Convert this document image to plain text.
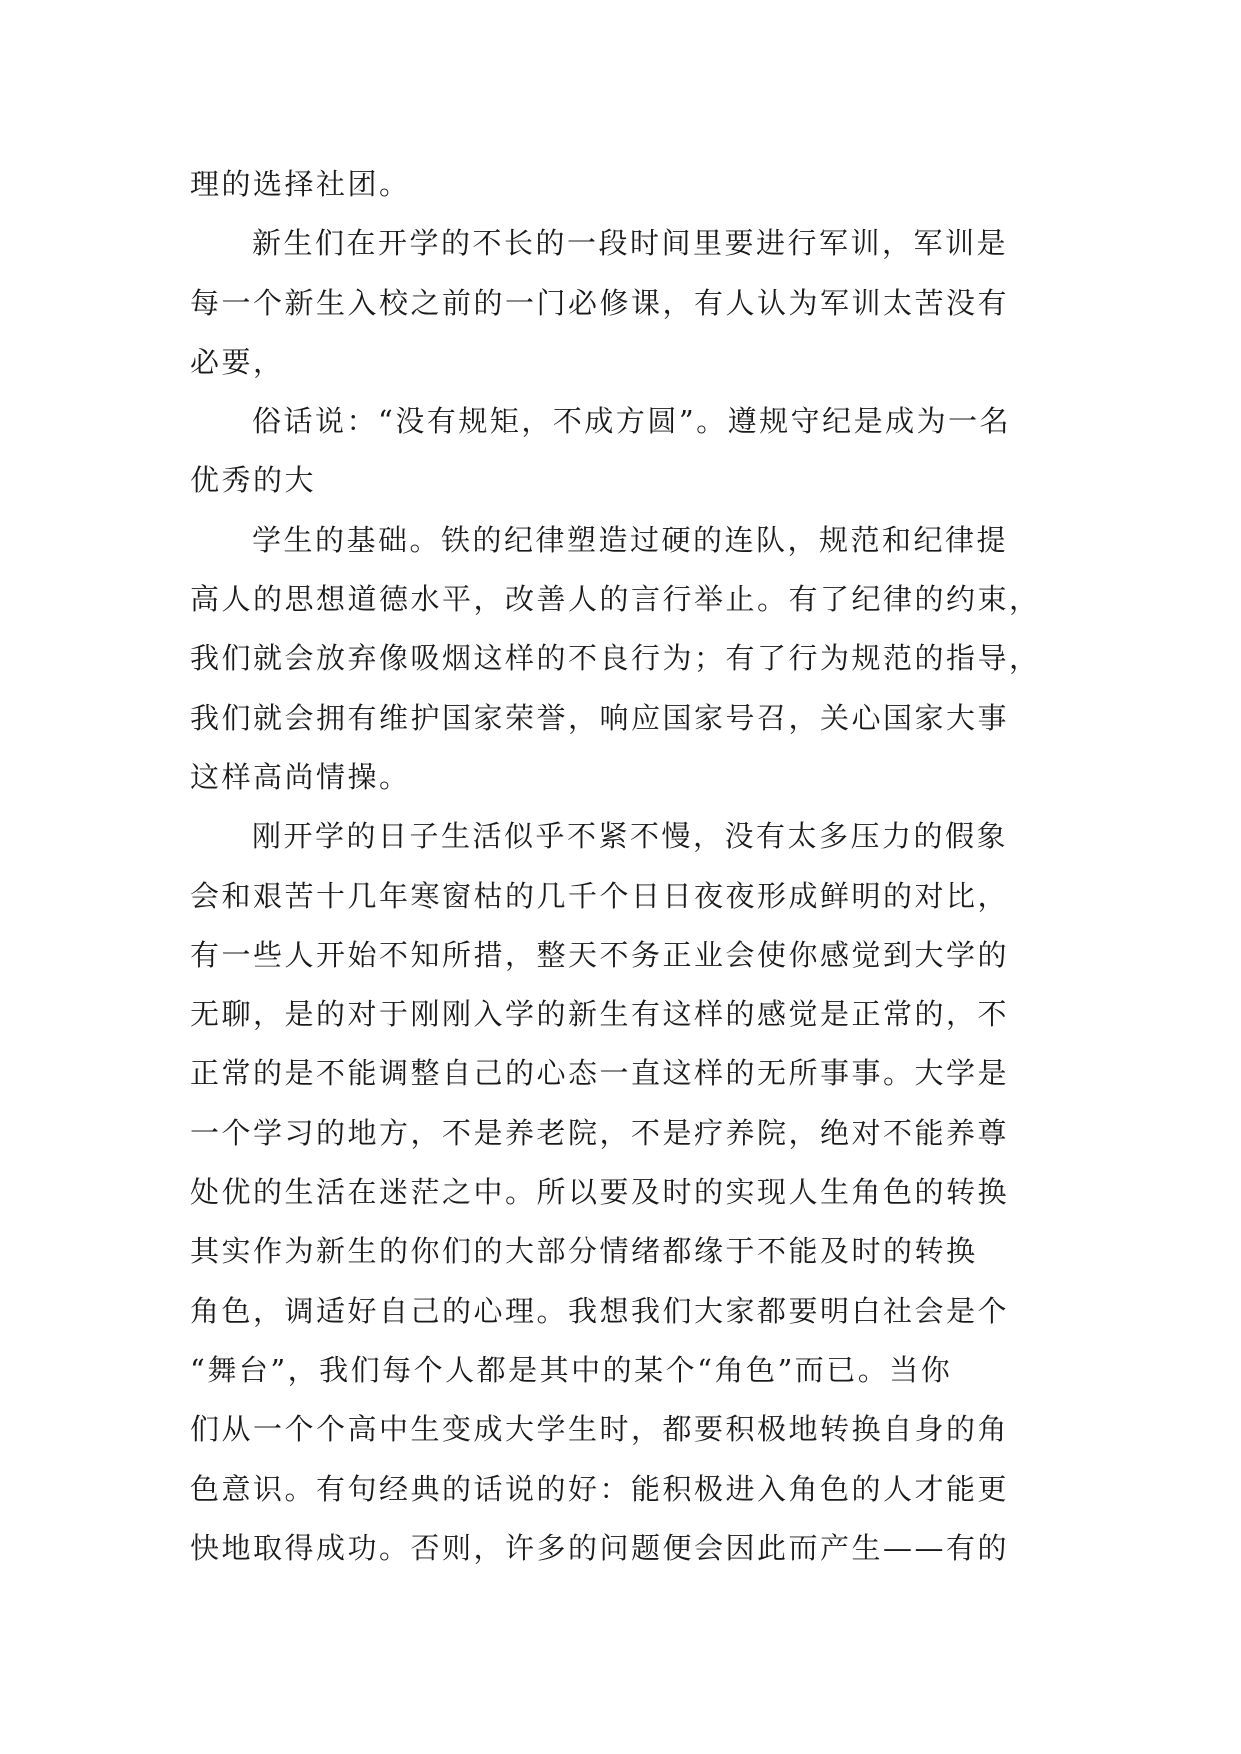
理的选择社团。
新生们在开学的不长的一段时间里要进行军训，军训是
每一个新生入校之前的一门必修课，有人认为军训太苦没有
必要，
俗话说：“没有规矩，不成方圆”。遵规守纪是成为一名
优秀的大
学生的基础。铁的纪律塑造过硬的连队，规范和纪律提
高人的思想道德水平，改善人的言行举止。有了纪律的约束，
我们就会放弃像吸烟这样的不良行为；有了行为规范的指导，
我们就会拥有维护国家荣誉，响应国家号召，关心国家大事
这样高尚情操。
刚开学的日子生活似乎不紧不慢，没有太多压力的假象
会和艰苦十几年寒窗枯的几千个日日夜夜形成鲜明的对比，
有一些人开始不知所措，整天不务正业会使你感觉到大学的
无聊，是的对于刚刚入学的新生有这样的感觉是正常的，不
正常的是不能调整自己的心态一直这样的无所事事。大学是
一个学习的地方，不是养老院，不是疗养院，绝对不能养尊
处优的生活在迷茫之中。所以要及时的实现人生角色的转换
其实作为新生的你们的大部分情绪都缘于不能及时的转换
角色，调适好自己的心理。我想我们大家都要明白社会是个
“舞台”，我们每个人都是其中的某个“角色”而已。当你
们从一个个高中生变成大学生时，都要积极地转换自身的角
色意识。有句经典的话说的好：能积极进入角色的人才能更
快地取得成功。否则，许多的问题便会因此而产生——有的
